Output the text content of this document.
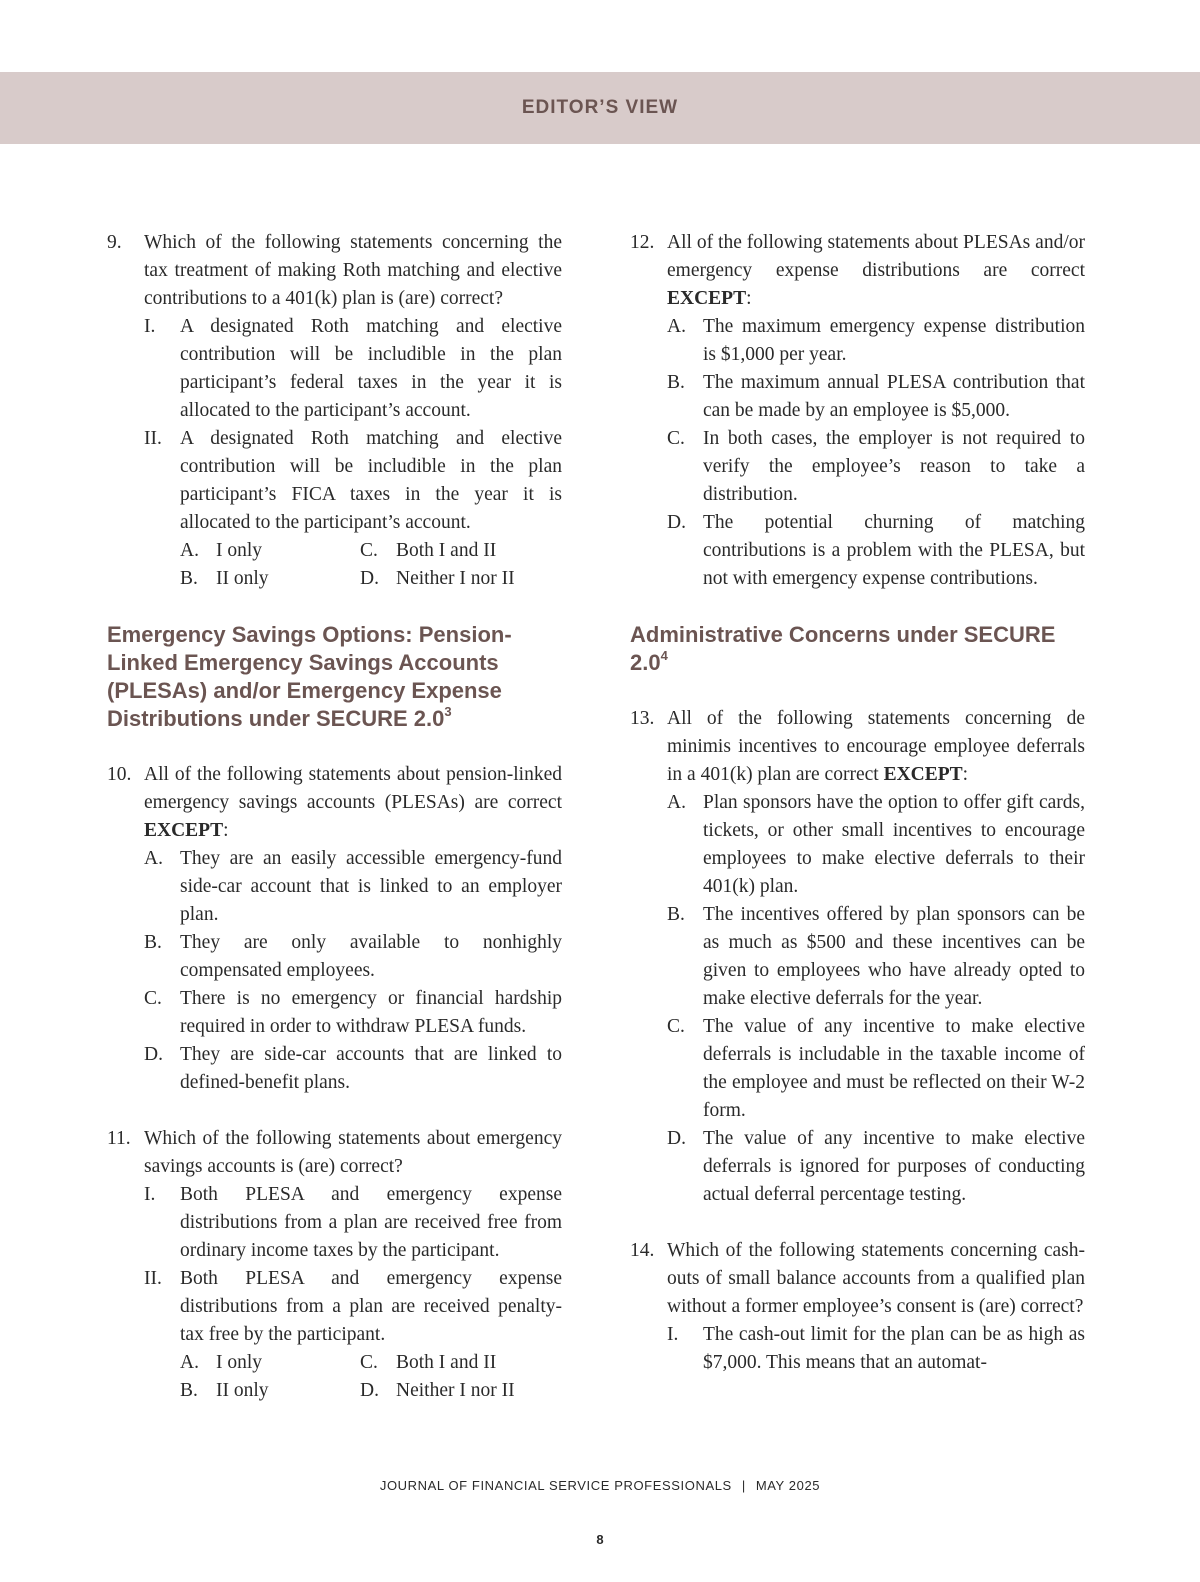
EDITOR’S VIEW
9. Which of the following statements concerning the tax treatment of making Roth matching and elective contributions to a 401(k) plan is (are) correct?

I. A designated Roth matching and elective contribution will be includible in the plan participant’s federal taxes in the year it is allocated to the participant’s account.
II. A designated Roth matching and elective contribution will be includible in the plan participant’s FICA taxes in the year it is allocated to the participant’s account.
A. I only	C. Both I and II
B. II only	D. Neither I nor II
Emergency Savings Options: Pension-Linked Emergency Savings Accounts (PLESAs) and/or Emergency Expense Distributions under SECURE $2.0^3$
10. All of the following statements about pension-linked emergency savings accounts (PLESAs) are correct EXCEPT:

A. They are an easily accessible emergency-fund side-car account that is linked to an employer plan.
B. They are only available to nonhighly compensated employees.
C. There is no emergency or financial hardship required in order to withdraw PLESA funds.
D. They are side-car accounts that are linked to defined-benefit plans.
11. Which of the following statements about emergency savings accounts is (are) correct?

I. Both PLESA and emergency expense distributions from a plan are received free from ordinary income taxes by the participant.
II. Both PLESA and emergency expense distributions from a plan are received penalty-tax free by the participant.
A. I only	C. Both I and II
B. II only	D. Neither I nor II
12. All of the following statements about PLESAs and/or emergency expense distributions are correct EXCEPT:

A. The maximum emergency expense distribution is $1,000 per year.
B. The maximum annual PLESA contribution that can be made by an employee is $5,000.
C. In both cases, the employer is not required to verify the employee’s reason to take a distribution.
D. The potential churning of matching contributions is a problem with the PLESA, but not with emergency expense contributions.
Administrative Concerns under SECURE $2.0^4$
13. All of the following statements concerning de minimis incentives to encourage employee deferrals in a 401(k) plan are correct EXCEPT:

A. Plan sponsors have the option to offer gift cards, tickets, or other small incentives to encourage employees to make elective deferrals to their 401(k) plan.
B. The incentives offered by plan sponsors can be as much as $500 and these incentives can be given to employees who have already opted to make elective deferrals for the year.
C. The value of any incentive to make elective deferrals is includable in the taxable income of the employee and must be reflected on their W-2 form.
D. The value of any incentive to make elective deferrals is ignored for purposes of conducting actual deferral percentage testing.
14. Which of the following statements concerning cash-outs of small balance accounts from a qualified plan without a former employee’s consent is (are) correct?

I. The cash-out limit for the plan can be as high as $7,000. This means that an automat-
JOURNAL OF FINANCIAL SERVICE PROFESSIONALS | MAY 2025
8
